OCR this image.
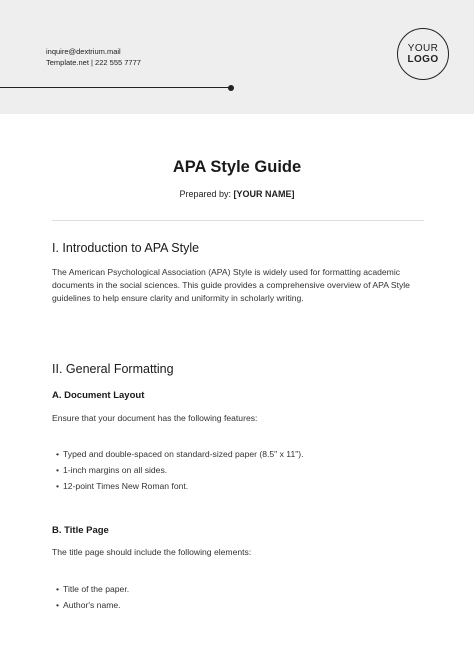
inquire@dextrium.mail
Template.net | 222 555 7777
YOUR
LOGO
APA Style Guide
Prepared by: [YOUR NAME]
I. Introduction to APA Style

The American Psychological Association (APA) Style is widely used for formatting academic documents in the social sciences. This guide provides a comprehensive overview of APA Style guidelines to help ensure clarity and uniformity in scholarly writing.

II. General Formatting
A. Document Layout

Ensure that your document has the following features:

• Typed and double-spaced on standard-sized paper (8.5" x 11").
• 1-inch margins on all sides.
• 12-point Times New Roman font.
B. Title Page

The title page should include the following elements:

• Title of the paper.
• Author's name.
